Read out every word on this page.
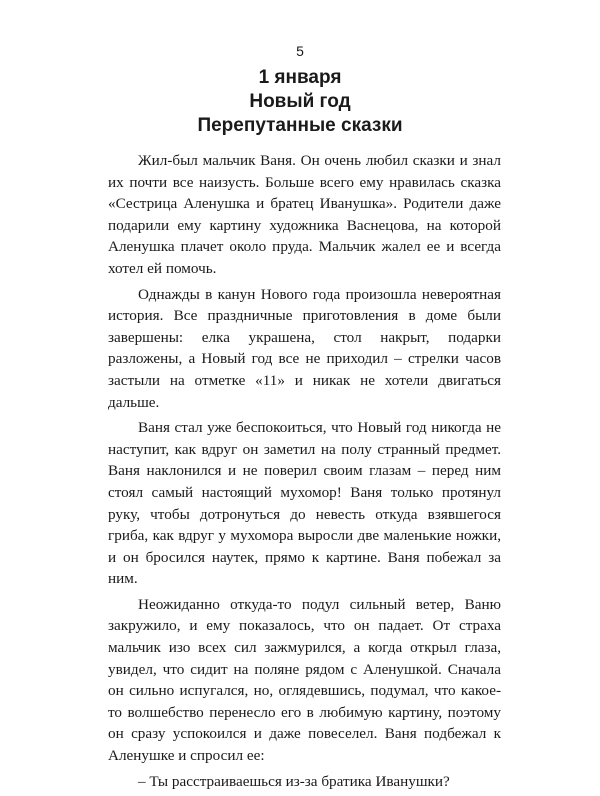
5
1 января
Новый год
Перепутанные сказки

Жил-был мальчик Ваня. Он очень любил сказки и знал их почти все наизусть. Больше всего ему нравилась сказка «Сестрица Аленушка и братец Иванушка». Родители даже подарили ему картину художника Васнецова, на которой Аленушка плачет около пруда. Мальчик жалел ее и всегда хотел ей помочь.

Однажды в канун Нового года произошла невероятная история. Все праздничные приготовления в доме были завершены: елка украшена, стол накрыт, подарки разложены, а Новый год все не приходил – стрелки часов застыли на отметке «11» и никак не хотели двигаться дальше.

Ваня стал уже беспокоиться, что Новый год никогда не наступит, как вдруг он заметил на полу странный предмет. Ваня наклонился и не поверил своим глазам – перед ним стоял самый настоящий мухомор! Ваня только протянул руку, чтобы дотронуться до невесть откуда взявшегося гриба, как вдруг у мухомора выросли две маленькие ножки, и он бросился наутек, прямо к картине. Ваня побежал за ним.

Неожиданно откуда-то подул сильный ветер, Ваню закружило, и ему показалось, что он падает. От страха мальчик изо всех сил зажмурился, а когда открыл глаза, увидел, что сидит на поляне рядом с Аленушкой. Сначала он сильно испугался, но, оглядевшись, подумал, что какое-то волшебство перенесло его в любимую картину, поэтому он сразу успокоился и даже повеселел. Ваня подбежал к Аленушке и спросил ее:

– Ты расстраиваешься из-за братика Иванушки?
